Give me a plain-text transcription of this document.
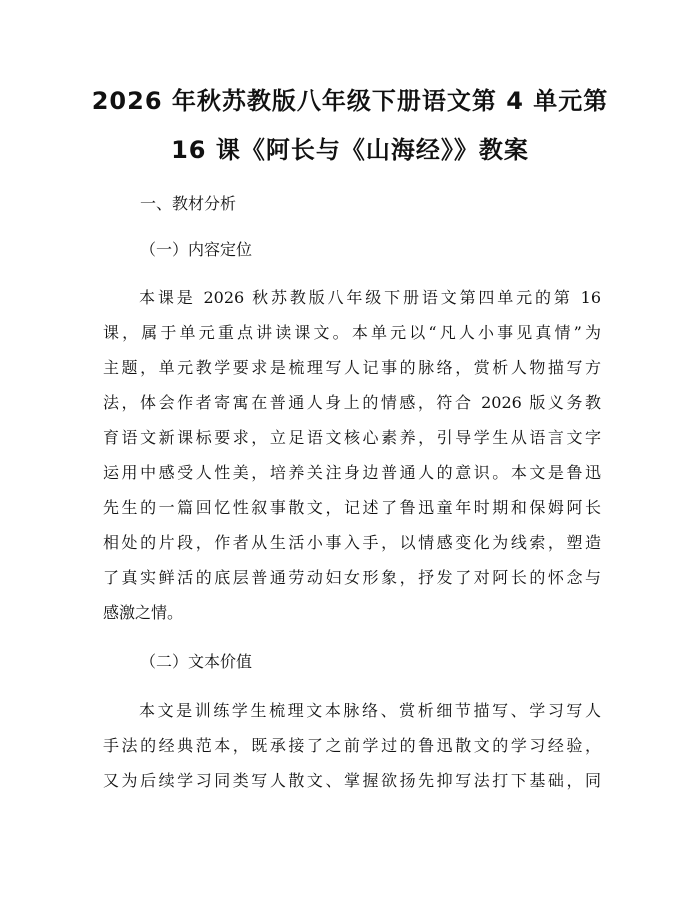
2026 年秋苏教版八年级下册语文第 4 单元第
16 课《阿长与《山海经》》教案

一、教材分析

（一）内容定位

本课是 2026 秋苏教版八年级下册语文第四单元的第 16
课，属于单元重点讲读课文。本单元以“凡人小事见真情”为
主题，单元教学要求是梳理写人记事的脉络，赏析人物描写方
法，体会作者寄寓在普通人身上的情感，符合 2026 版义务教
育语文新课标要求，立足语文核心素养，引导学生从语言文字
运用中感受人性美，培养关注身边普通人的意识。本文是鲁迅
先生的一篇回忆性叙事散文，记述了鲁迅童年时期和保姆阿长
相处的片段，作者从生活小事入手，以情感变化为线索，塑造
了真实鲜活的底层普通劳动妇女形象，抒发了对阿长的怀念与
感激之情。

（二）文本价值

本文是训练学生梳理文本脉络、赏析细节描写、学习写人
手法的经典范本，既承接了之前学过的鲁迅散文的学习经验，
又为后续学习同类写人散文、掌握欲扬先抑写法打下基础，同
